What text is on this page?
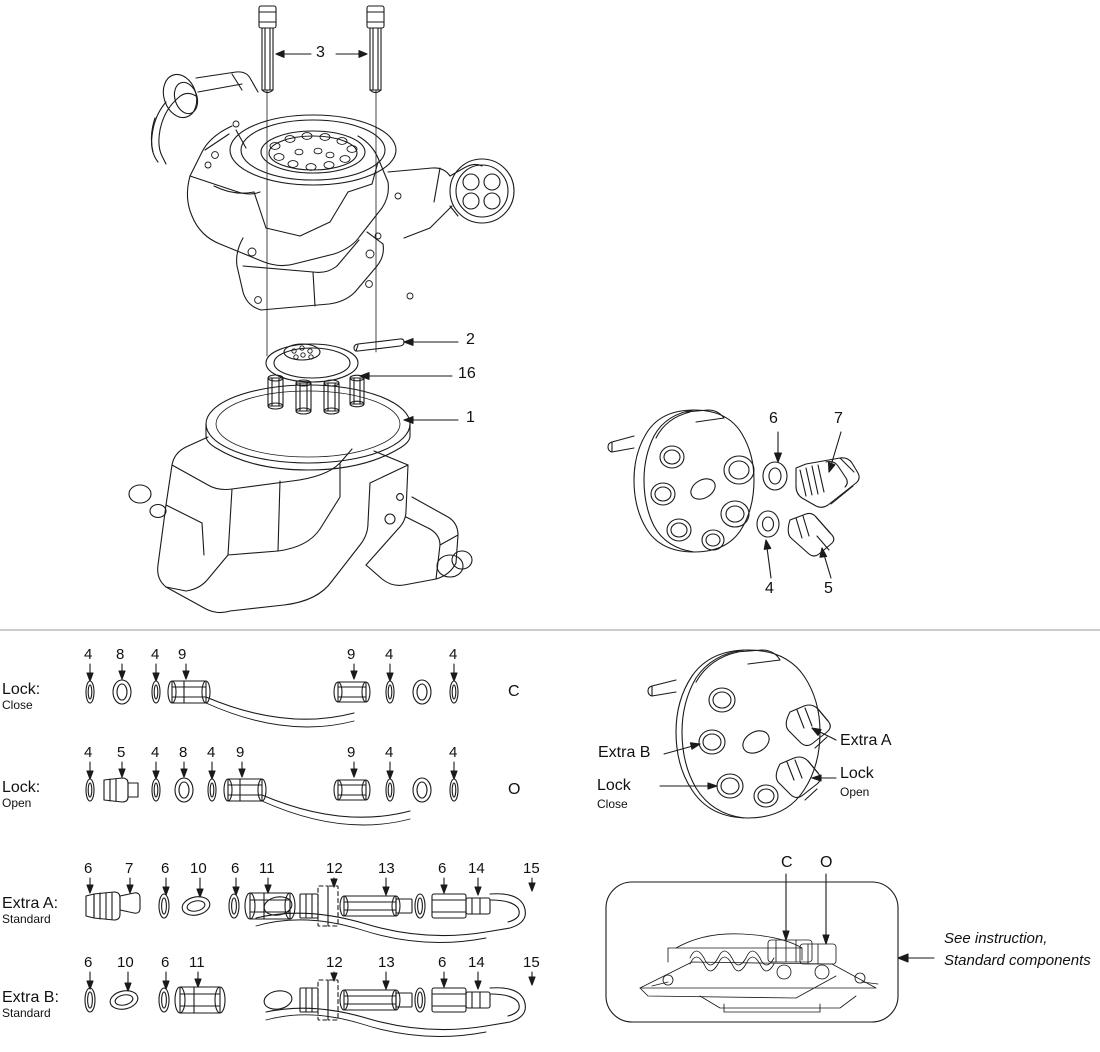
3
2
16
1	6	7
4	5
Lock:
Close
Lock:
Open
Extra A:
Standard
Extra B:
Standard
C
O
4 8 4 9	9 4	4
4 5 4 8 4 9	9 4	4
6 7 6 10 6 11	12 13	6 14	15
6 10 6 11	12 13	6 14	15
Extra A
Extra B
Lock
Open
Lock
Close
C O
See instruction,
Standard components
